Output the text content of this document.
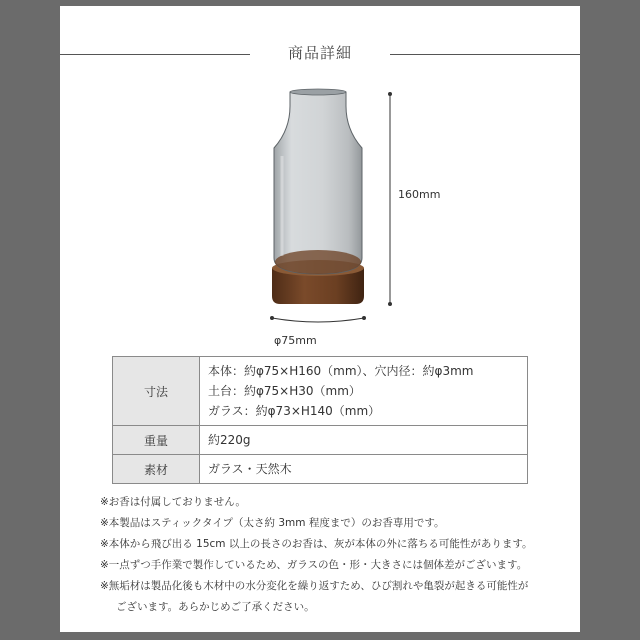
商品詳細
160mm
φ75mm
寸法	本体：約φ75×H160（mm）、穴内径：約φ3mm
土台：約φ75×H30（mm）
ガラス：約φ73×H140（mm）

重量	約220g
素材	ガラス・天然木
※お香は付属しておりません。
※本製品はスティックタイプ（太さ約 3mm 程度まで）のお香専用です。
※本体から飛び出る 15cm 以上の長さのお香は、灰が本体の外に落ちる可能性があります。
※一点ずつ手作業で製作しているため、ガラスの色・形・大きさには個体差がございます。
※無垢材は製品化後も木材中の水分変化を繰り返すため、ひび割れや亀裂が起きる可能性が
ございます。あらかじめご了承ください。
